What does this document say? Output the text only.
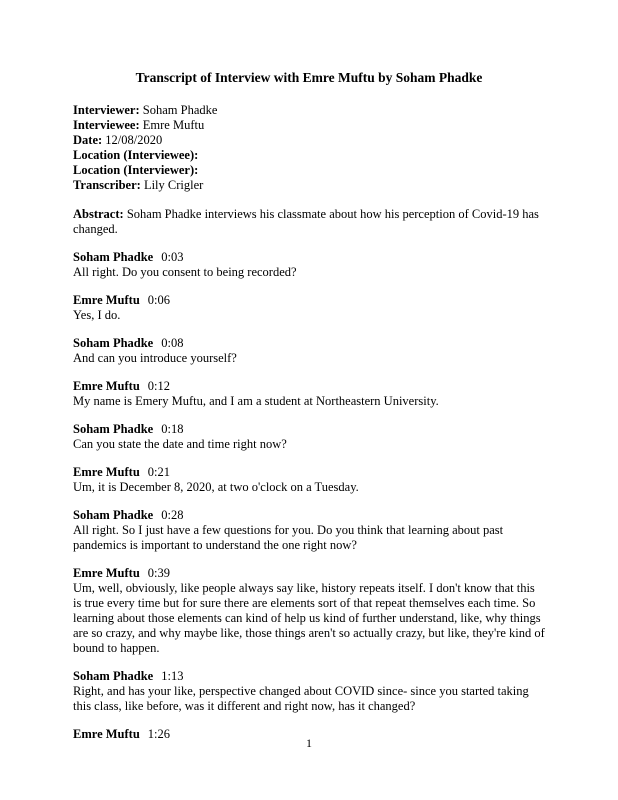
Transcript of Interview with Emre Muftu by Soham Phadke
Interviewer: Soham Phadke
Interviewee: Emre Muftu
Date: 12/08/2020
Location (Interviewee):
Location (Interviewer):
Transcriber: Lily Crigler

Abstract: Soham Phadke interviews his classmate about how his perception of Covid-19 has changed.

Soham Phadke 0:03
All right. Do you consent to being recorded?
Emre Muftu 0:06
Yes, I do.
Soham Phadke 0:08
And can you introduce yourself?
Emre Muftu 0:12
My name is Emery Muftu, and I am a student at Northeastern University.
Soham Phadke 0:18
Can you state the date and time right now?
Emre Muftu 0:21
Um, it is December 8, 2020, at two o'clock on a Tuesday.
Soham Phadke 0:28
All right. So I just have a few questions for you. Do you think that learning about past pandemics is important to understand the one right now?
Emre Muftu 0:39
Um, well, obviously, like people always say like, history repeats itself. I don't know that this is true every time but for sure there are elements sort of that repeat themselves each time. So learning about those elements can kind of help us kind of further understand, like, why things are so crazy, and why maybe like, those things aren't so actually crazy, but like, they're kind of bound to happen.
Soham Phadke 1:13
Right, and has your like, perspective changed about COVID since- since you started taking this class, like before, was it different and right now, has it changed?
Emre Muftu 1:26
1
